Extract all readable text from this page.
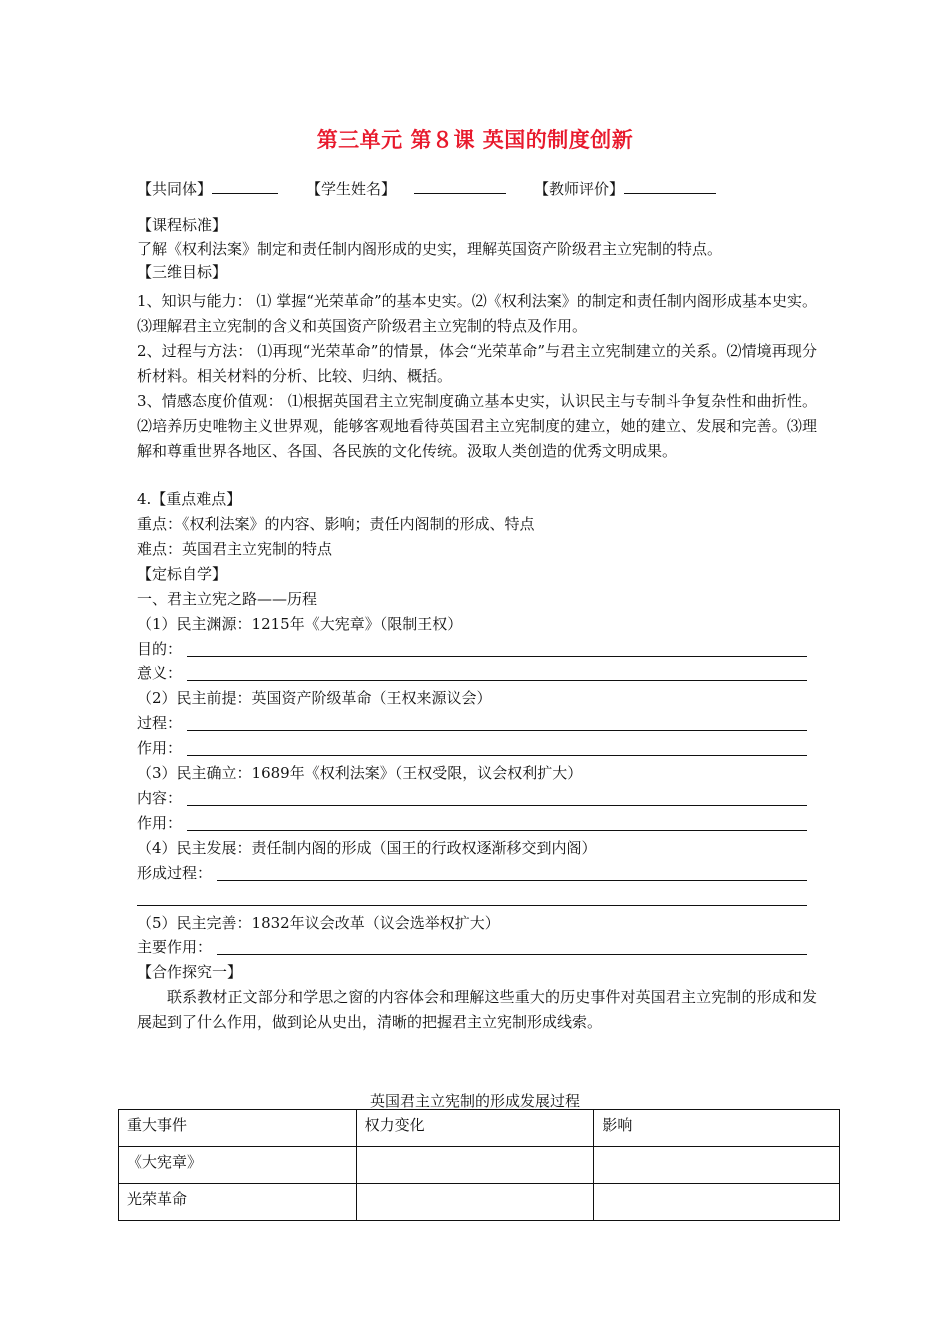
第三单元 第８课 英国的制度创新
【共同体】	【学生姓名】	【教师评价】
【课程标准】
了解《权利法案》制定和责任制内阁形成的史实，理解英国资产阶级君主立宪制的特点。
【三维目标】
1、知识与能力： ⑴ 掌握“光荣革命”的基本史实。⑵《权利法案》的制定和责任制内阁形成基本史实。⑶理解君主立宪制的含义和英国资产阶级君主立宪制的特点及作用。
2、过程与方法： ⑴再现“光荣革命”的情景，体会“光荣革命”与君主立宪制建立的关系。⑵情境再现分析材料。相关材料的分析、比较、归纳、概括。
3、情感态度价值观： ⑴根据英国君主立宪制度确立基本史实，认识民主与专制斗争复杂性和曲折性。⑵培养历史唯物主义世界观，能够客观地看待英国君主立宪制度的建立，她的建立、发展和完善。⑶理解和尊重世界各地区、各国、各民族的文化传统。汲取人类创造的优秀文明成果。
4.【重点难点】
重点：《权利法案》的内容、影响；责任内阁制的形成、特点
难点：英国君主立宪制的特点
【定标自学】
一、君主立宪之路——历程
（1）民主渊源：1215年《大宪章》（限制王权）
目的：
意义：
（2）民主前提：英国资产阶级革命（王权来源议会）
过程：
作用：
（3）民主确立：1689年《权利法案》（王权受限，议会权利扩大）
内容：
作用：
（4）民主发展：责任制内阁的形成（国王的行政权逐渐移交到内阁）
形成过程：
（5）民主完善：1832年议会改革（议会选举权扩大）
主要作用：
【合作探究一】
联系教材正文部分和学思之窗的内容体会和理解这些重大的历史事件对英国君主立宪制的形成和发展起到了什么作用，做到论从史出，清晰的把握君主立宪制形成线索。
英国君主立宪制的形成发展过程
重大事件	权力变化	影响
《大宪章》		
光荣革命		
